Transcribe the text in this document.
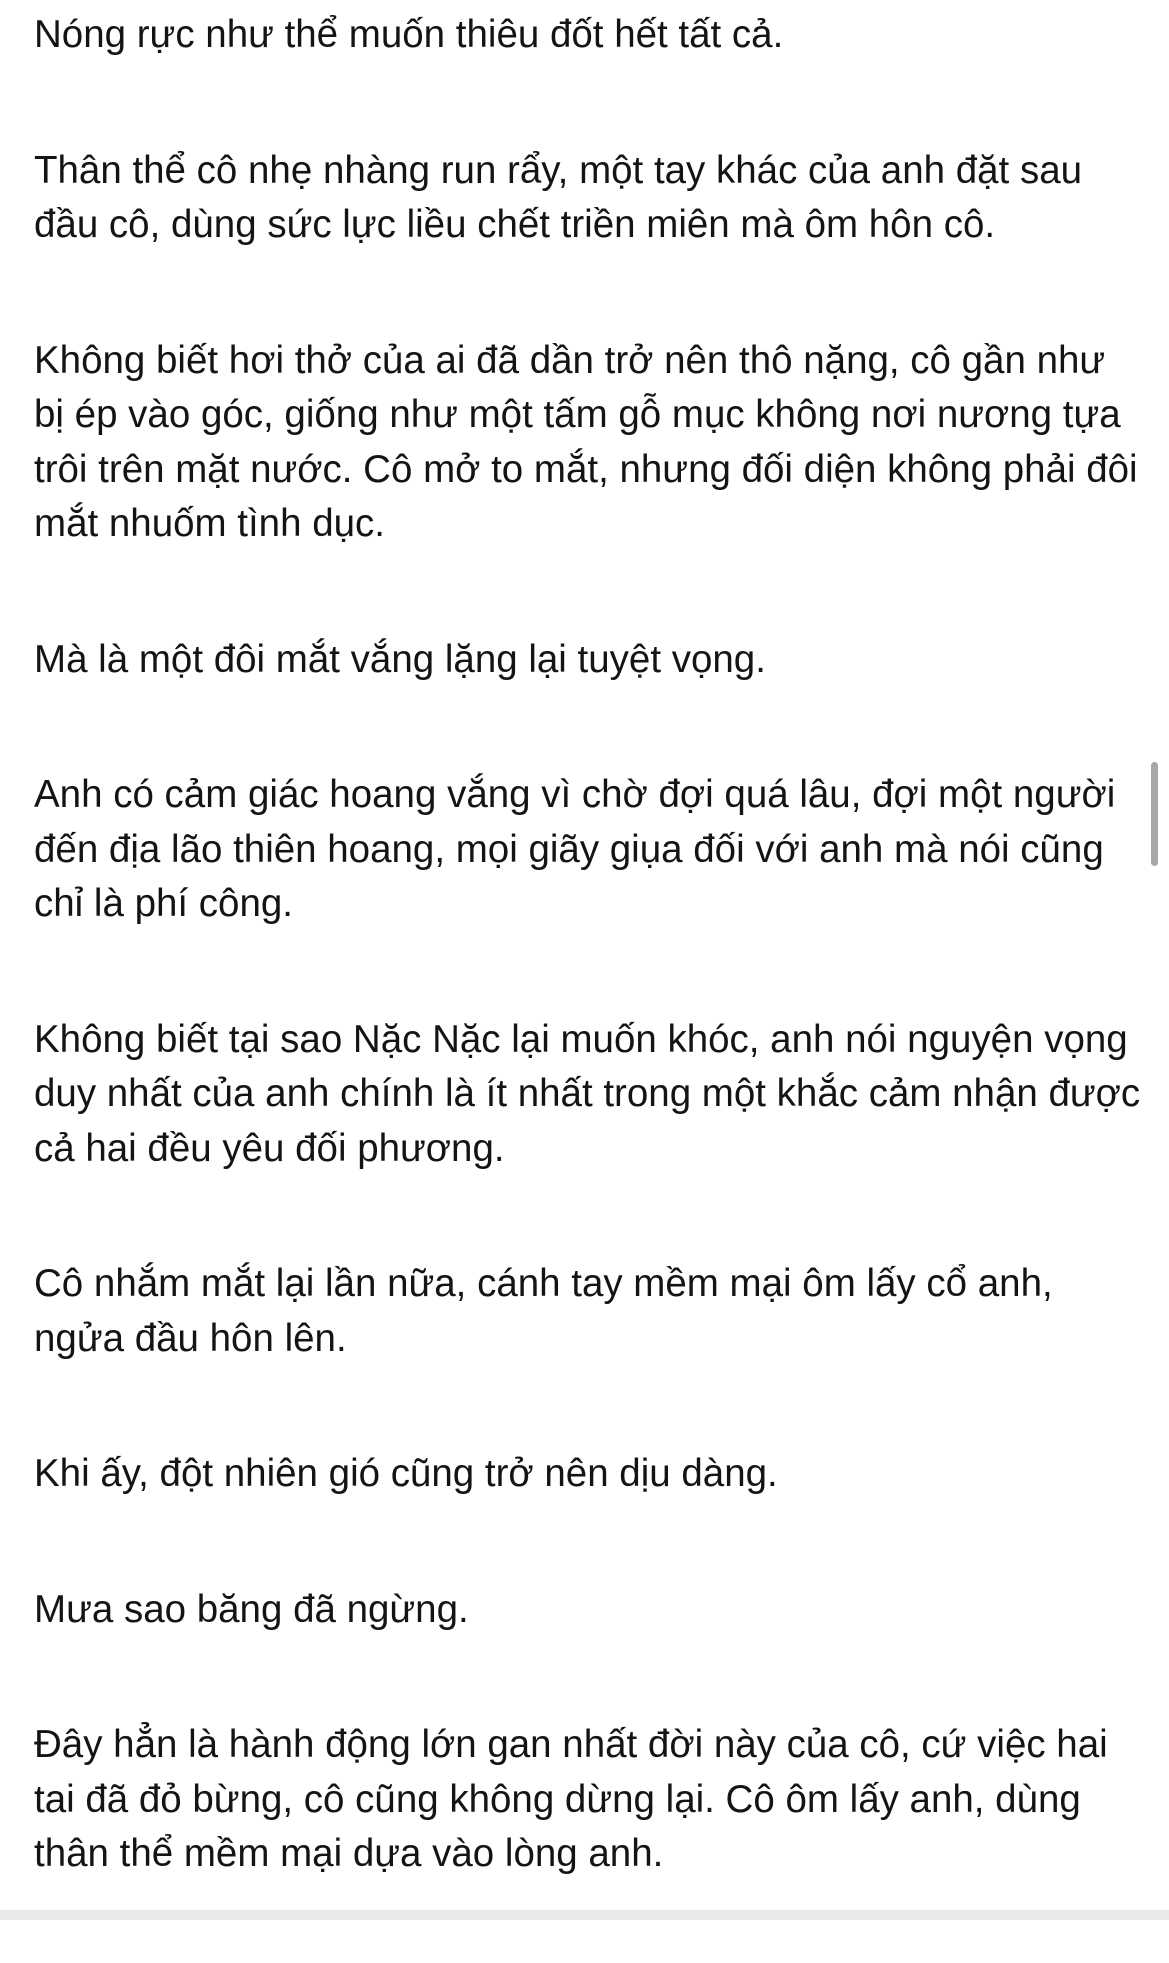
Nóng rực như thể muốn thiêu đốt hết tất cả.

Thân thể cô nhẹ nhàng run rẩy, một tay khác của anh đặt sau đầu cô, dùng sức lực liều chết triền miên mà ôm hôn cô.

Không biết hơi thở của ai đã dần trở nên thô nặng, cô gần như bị ép vào góc, giống như một tấm gỗ mục không nơi nương tựa trôi trên mặt nước. Cô mở to mắt, nhưng đối diện không phải đôi mắt nhuốm tình dục.

Mà là một đôi mắt vắng lặng lại tuyệt vọng.

Anh có cảm giác hoang vắng vì chờ đợi quá lâu, đợi một người đến địa lão thiên hoang, mọi giãy giụa đối với anh mà nói cũng chỉ là phí công.

Không biết tại sao Nặc Nặc lại muốn khóc, anh nói nguyện vọng duy nhất của anh chính là ít nhất trong một khắc cảm nhận được cả hai đều yêu đối phương.

Cô nhắm mắt lại lần nữa, cánh tay mềm mại ôm lấy cổ anh, ngửa đầu hôn lên.

Khi ấy, đột nhiên gió cũng trở nên dịu dàng.

Mưa sao băng đã ngừng.

Đây hẳn là hành động lớn gan nhất đời này của cô, cứ việc hai tai đã đỏ bừng, cô cũng không dừng lại. Cô ôm lấy anh, dùng thân thể mềm mại dựa vào lòng anh.
